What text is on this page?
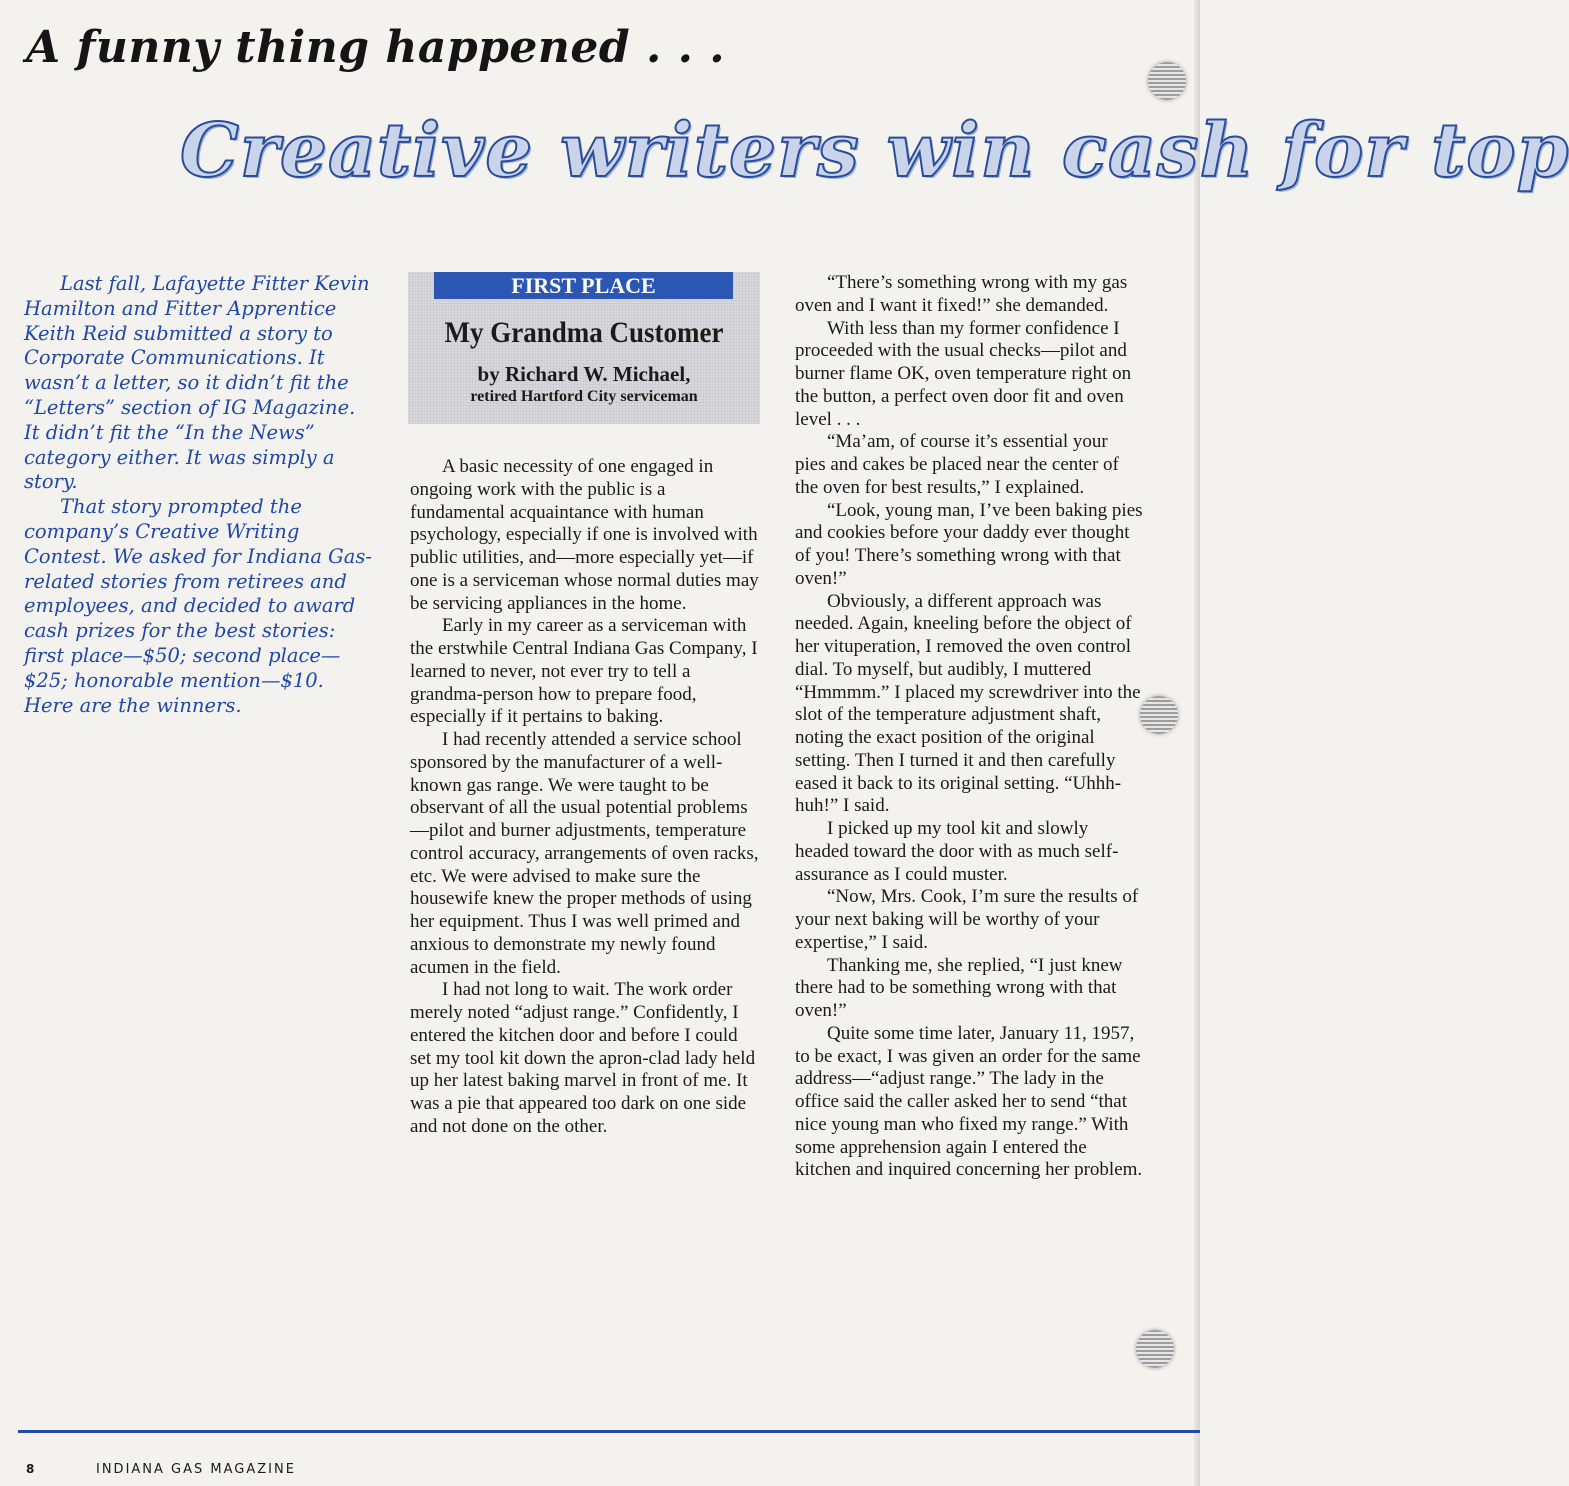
A funny thing happened . . .
Creative writers win cash for top

Last fall, Lafayette Fitter Kevin Hamilton and Fitter Apprentice Keith Reid submitted a story to Corporate Communications. It wasn’t a letter, so it didn’t fit the “Letters” section of IG Magazine. It didn’t fit the “In the News” category either. It was simply a story.

That story prompted the company’s Creative Writing Contest. We asked for Indiana Gas-related stories from retirees and employees, and decided to award cash prizes for the best stories: first place—$50; second place—$25; honorable mention—$10. Here are the winners.

FIRST PLACE
My Grandma Customer
by Richard W. Michael,
retired Hartford City serviceman

A basic necessity of one engaged in ongoing work with the public is a fundamental acquaintance with human psychology, especially if one is involved with public utilities, and—more especially yet—if one is a serviceman whose normal duties may be servicing appliances in the home.

Early in my career as a serviceman with the erstwhile Central Indiana Gas Company, I learned to never, not ever try to tell a grandma-person how to prepare food, especially if it pertains to baking.

I had recently attended a service school sponsored by the manufacturer of a well-known gas range. We were taught to be observant of all the usual potential problems—pilot and burner adjustments, temperature control accuracy, arrangements of oven racks, etc. We were advised to make sure the housewife knew the proper methods of using her equipment. Thus I was well primed and anxious to demonstrate my newly found acumen in the field.

I had not long to wait. The work order merely noted “adjust range.” Confidently, I entered the kitchen door and before I could set my tool kit down the apron-clad lady held up her latest baking marvel in front of me. It was a pie that appeared too dark on one side and not done on the other.

“There’s something wrong with my gas oven and I want it fixed!” she demanded.

With less than my former confidence I proceeded with the usual checks—pilot and burner flame OK, oven temperature right on the button, a perfect oven door fit and oven level . . .

“Ma’am, of course it’s essential your pies and cakes be placed near the center of the oven for best results,” I explained.

“Look, young man, I’ve been baking pies and cookies before your daddy ever thought of you! There’s something wrong with that oven!”

Obviously, a different approach was needed. Again, kneeling before the object of her vituperation, I removed the oven control dial. To myself, but audibly, I muttered “Hmmmm.” I placed my screwdriver into the slot of the temperature adjustment shaft, noting the exact position of the original setting. Then I turned it and then carefully eased it back to its original setting. “Uhhh-huh!” I said.

I picked up my tool kit and slowly headed toward the door with as much self-assurance as I could muster.

“Now, Mrs. Cook, I’m sure the results of your next baking will be worthy of your expertise,” I said.

Thanking me, she replied, “I just knew there had to be something wrong with that oven!”

Quite some time later, January 11, 1957, to be exact, I was given an order for the same address—“adjust range.” The lady in the office said the caller asked her to send “that nice young man who fixed my range.” With some apprehension again I entered the kitchen and inquired concerning her problem.

8	INDIANA GAS MAGAZINE
